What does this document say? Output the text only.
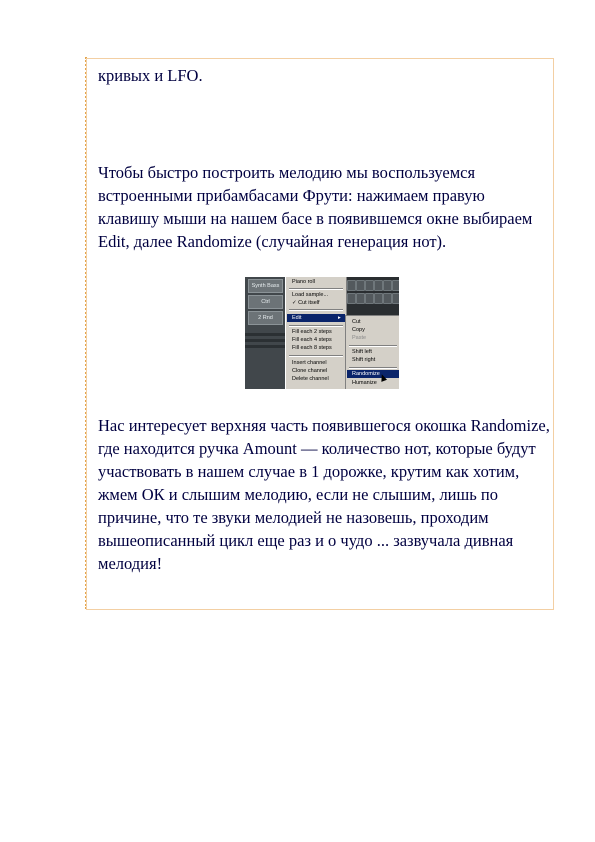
кривых и LFO.
Чтобы быстро построить мелодию мы воспользуемся встроенными прибамбасами Фрути: нажимаем правую клавишу мыши на нашем басе в появившемся окне выбираем Edit, далее Randomize (случайная генерация нот).
Synth Bass
Ctrl
2 Rnd
Piano roll
Load sample...
✓ Cut itself
Edit	▸
Fill each 2 steps
Fill each 4 steps
Fill each 8 steps
Insert channel
Clone channel
Delete channel
Cut
Copy
Paste
Shift left
Shift right
Randomize
Humanize
Нас интересует верхняя часть появившегося окошка Randomize, где находится ручка Amount — количество нот, которые будут участвовать в нашем случае в 1 дорожке, крутим как хотим, жмем ОК и слышим мелодию, если не слышим, лишь по причине, что те звуки мелодией не назовешь, проходим вышеописанный цикл еще раз и о чудо ... зазвучала дивная мелодия!
